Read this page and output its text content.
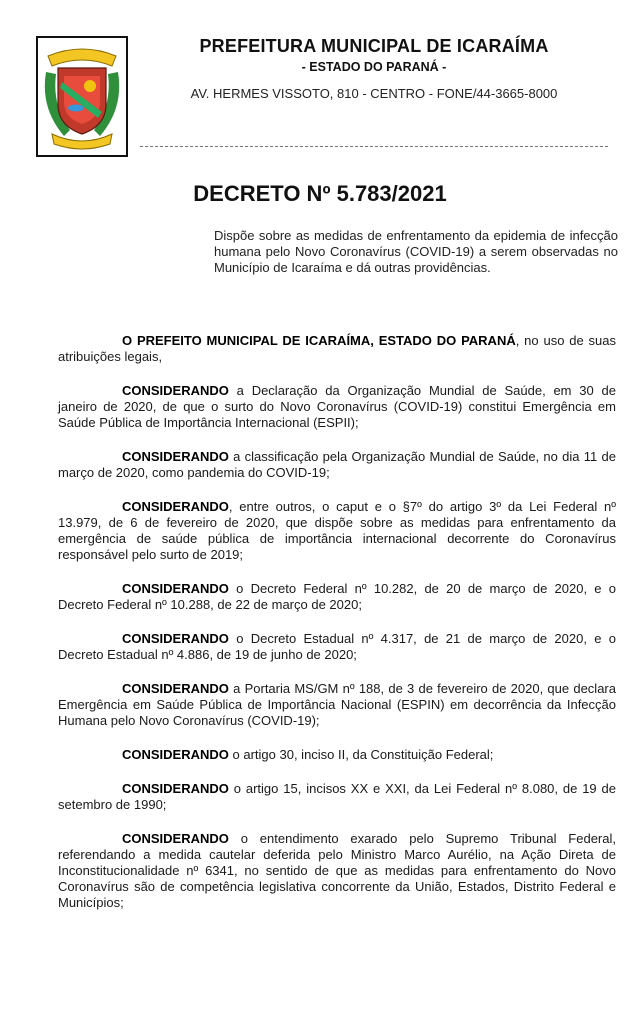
PREFEITURA MUNICIPAL DE ICARAÍMA
- ESTADO DO PARANÁ -
AV. HERMES VISSOTO, 810 - CENTRO - FONE/44-3665-8000
DECRETO Nº 5.783/2021
Dispõe sobre as medidas de enfrentamento da epidemia de infecção humana pelo Novo Coronavírus (COVID-19) a serem observadas no Município de Icaraíma e dá outras providências.

O PREFEITO MUNICIPAL DE ICARAÍMA, ESTADO DO PARANÁ, no uso de suas atribuições legais,

CONSIDERANDO a Declaração da Organização Mundial de Saúde, em 30 de janeiro de 2020, de que o surto do Novo Coronavírus (COVID-19) constitui Emergência em Saúde Pública de Importância Internacional (ESPII);

CONSIDERANDO a classificação pela Organização Mundial de Saúde, no dia 11 de março de 2020, como pandemia do COVID-19;

CONSIDERANDO, entre outros, o caput e o §7º do artigo 3º da Lei Federal nº 13.979, de 6 de fevereiro de 2020, que dispõe sobre as medidas para enfrentamento da emergência de saúde pública de importância internacional decorrente do Coronavírus responsável pelo surto de 2019;

CONSIDERANDO o Decreto Federal nº 10.282, de 20 de março de 2020, e o Decreto Federal nº 10.288, de 22 de março de 2020;

CONSIDERANDO o Decreto Estadual nº 4.317, de 21 de março de 2020, e o Decreto Estadual nº 4.886, de 19 de junho de 2020;

CONSIDERANDO a Portaria MS/GM nº 188, de 3 de fevereiro de 2020, que declara Emergência em Saúde Pública de Importância Nacional (ESPIN) em decorrência da Infecção Humana pelo Novo Coronavírus (COVID-19);

CONSIDERANDO o artigo 30, inciso II, da Constituição Federal;

CONSIDERANDO o artigo 15, incisos XX e XXI, da Lei Federal nº 8.080, de 19 de setembro de 1990;

CONSIDERANDO o entendimento exarado pelo Supremo Tribunal Federal, referendando a medida cautelar deferida pelo Ministro Marco Aurélio, na Ação Direta de Inconstitucionalidade nº 6341, no sentido de que as medidas para enfrentamento do Novo Coronavírus são de competência legislativa concorrente da União, Estados, Distrito Federal e Municípios;
